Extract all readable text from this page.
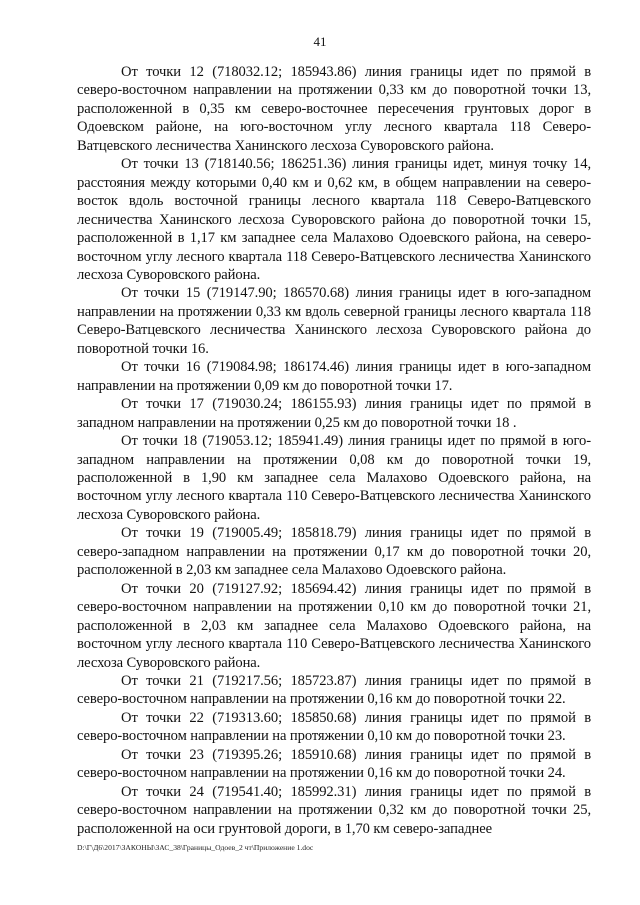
41

От точки 12 (718032.12; 185943.86) линия границы идет по прямой в северо-восточном направлении на протяжении 0,33 км до поворотной точки 13, расположенной в 0,35 км северо-восточнее пересечения грунтовых дорог в Одоевском районе, на юго-восточном углу лесного квартала 118 Северо-Ватцевского лесничества Ханинского лесхоза Суворовского района.

От точки 13 (718140.56; 186251.36) линия границы идет, минуя точку 14, расстояния между которыми 0,40 км и 0,62 км, в общем направлении на северо-восток вдоль восточной границы лесного квартала 118 Северо-Ватцевского лесничества Ханинского лесхоза Суворовского района до поворотной точки 15, расположенной в 1,17 км западнее села Малахово Одоевского района, на северо-восточном углу лесного квартала 118 Северо-Ватцевского лесничества Ханинского лесхоза Суворовского района.

От точки 15 (719147.90; 186570.68) линия границы идет в юго-западном направлении на протяжении 0,33 км вдоль северной границы лесного квартала 118 Северо-Ватцевского лесничества Ханинского лесхоза Суворовского района до поворотной точки 16.

От точки 16 (719084.98; 186174.46) линия границы идет в юго-западном направлении на протяжении 0,09 км до поворотной точки 17.

От точки 17 (719030.24; 186155.93) линия границы идет по прямой в западном направлении на протяжении 0,25 км до поворотной точки 18 .

От точки 18 (719053.12; 185941.49) линия границы идет по прямой в юго-западном направлении на протяжении 0,08 км до поворотной точки 19, расположенной в 1,90 км западнее села Малахово Одоевского района, на восточном углу лесного квартала 110 Северо-Ватцевского лесничества Ханинского лесхоза Суворовского района.

От точки 19 (719005.49; 185818.79) линия границы идет по прямой в северо-западном направлении на протяжении 0,17 км до поворотной точки 20, расположенной в 2,03 км западнее села Малахово Одоевского района.

От точки 20 (719127.92; 185694.42) линия границы идет по прямой в северо-восточном направлении на протяжении 0,10 км до поворотной точки 21, расположенной в 2,03 км западнее села Малахово Одоевского района, на восточном углу лесного квартала 110 Северо-Ватцевского лесничества Ханинского лесхоза Суворовского района.

От точки 21 (719217.56; 185723.87) линия границы идет по прямой в северо-восточном направлении на протяжении 0,16 км до поворотной точки 22.

От точки 22 (719313.60; 185850.68) линия границы идет по прямой в северо-восточном направлении на протяжении 0,10 км до поворотной точки 23.

От точки 23 (719395.26; 185910.68) линия границы идет по прямой в северо-восточном направлении на протяжении 0,16 км до поворотной точки 24.

От точки 24 (719541.40; 185992.31) линия границы идет по прямой в северо-восточном направлении на протяжении 0,32 км до поворотной точки 25, расположенной на оси грунтовой дороги, в 1,70 км северо-западнее

D:\Г\Д6\2017\ЗАКОНЫ\ЗАС_38\Границы_Одоев_2 чт\Приложение 1.doc
